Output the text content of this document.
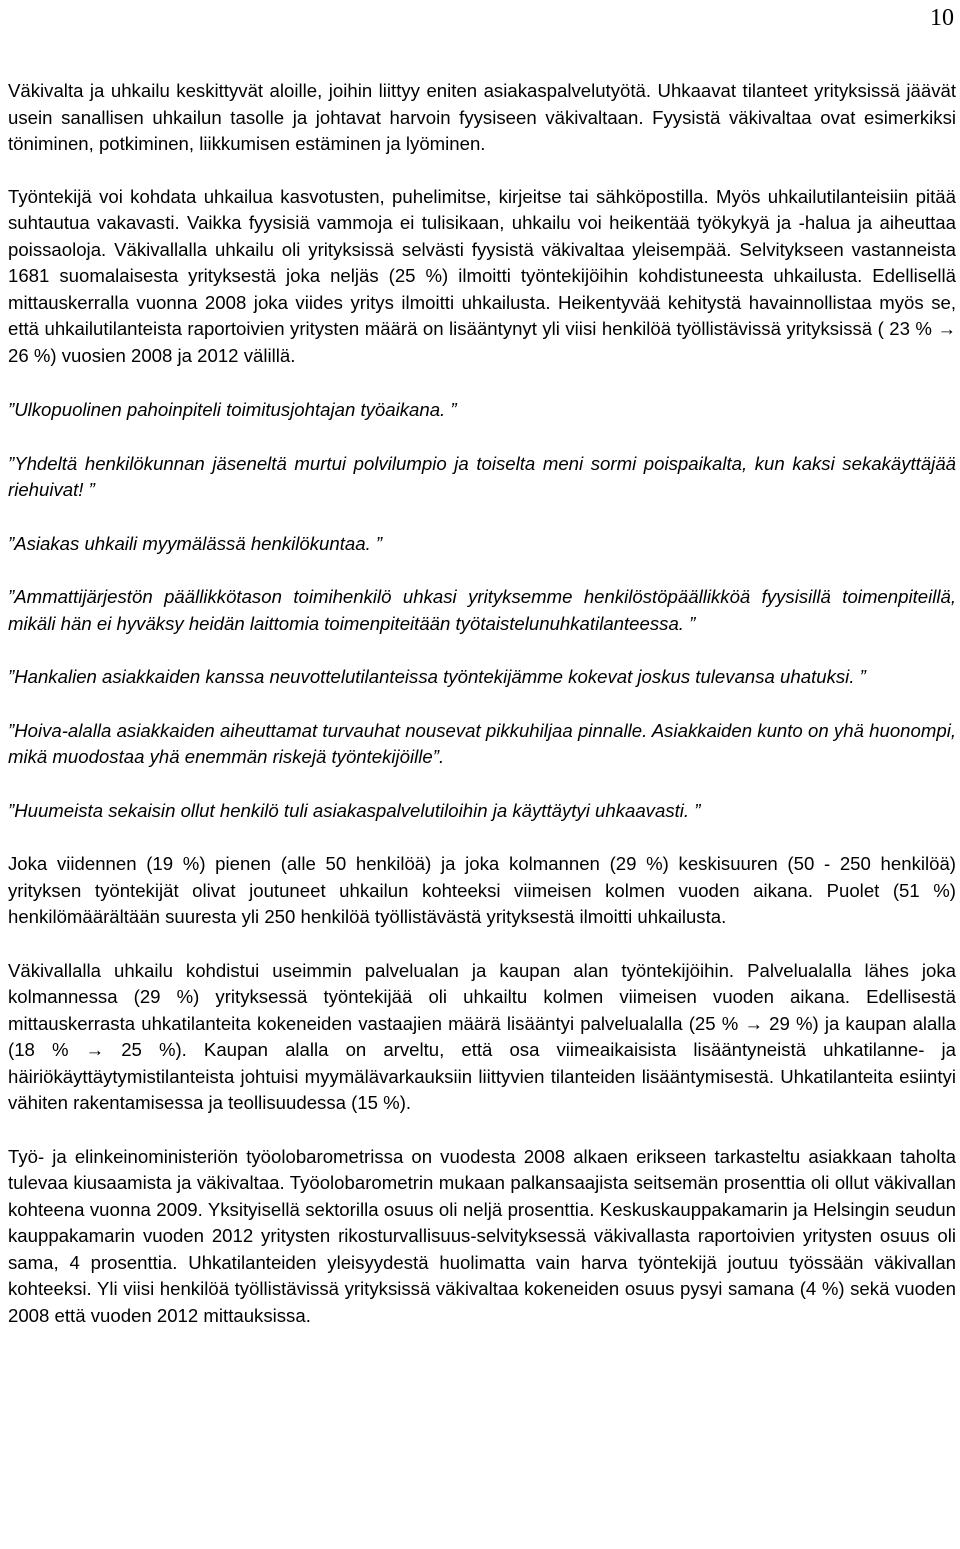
10

Väkivalta ja uhkailu keskittyvät aloille, joihin liittyy eniten asiakaspalvelutyötä. Uhkaavat tilanteet yrityksissä jäävät usein sanallisen uhkailun tasolle ja johtavat harvoin fyysiseen väkivaltaan. Fyysistä väkivaltaa ovat esimerkiksi töniminen, potkiminen, liikkumisen estäminen ja lyöminen.

Työntekijä voi kohdata uhkailua kasvotusten, puhelimitse, kirjeitse tai sähköpostilla. Myös uhkailutilanteisiin pitää suhtautua vakavasti. Vaikka fyysisiä vammoja ei tulisikaan, uhkailu voi heikentää työkykyä ja -halua ja aiheuttaa poissaoloja. Väkivallalla uhkailu oli yrityksissä selvästi fyysistä väkivaltaa yleisempää. Selvitykseen vastanneista 1681 suomalaisesta yrityksestä joka neljäs (25 %) ilmoitti työntekijöihin kohdistuneesta uhkailusta. Edellisellä mittauskerralla vuonna 2008 joka viides yritys ilmoitti uhkailusta. Heikentyvää kehitystä havainnollistaa myös se, että uhkailutilanteista raportoivien yritysten määrä on lisääntynyt yli viisi henkilöä työllistävissä yrityksissä ( 23 % → 26 %) vuosien 2008 ja 2012 välillä.

”Ulkopuolinen pahoinpiteli toimitusjohtajan työaikana. ”

”Yhdeltä henkilökunnan jäseneltä murtui polvilumpio ja toiselta meni sormi poispaikalta, kun kaksi sekakäyttäjää riehuivat! ”

”Asiakas uhkaili myymälässä henkilökuntaa. ”

”Ammattijärjestön päällikkötason toimihenkilö uhkasi yrityksemme henkilöstöpäällikköä fyysisillä toimenpiteillä, mikäli hän ei hyväksy heidän laittomia toimenpiteitään työtaistelunuhkatilanteessa. ”

”Hankalien asiakkaiden kanssa neuvottelutilanteissa työntekijämme kokevat joskus tulevansa uhatuksi. ”

”Hoiva-alalla asiakkaiden aiheuttamat turvauhat nousevat pikkuhiljaa pinnalle. Asiakkaiden kunto on yhä huonompi, mikä muodostaa yhä enemmän riskejä työntekijöille”.

”Huumeista sekaisin ollut henkilö tuli asiakaspalvelutiloihin ja käyttäytyi uhkaavasti. ”

Joka viidennen (19 %) pienen (alle 50 henkilöä) ja joka kolmannen (29 %) keskisuuren (50 - 250 henkilöä) yrityksen työntekijät olivat joutuneet uhkailun kohteeksi viimeisen kolmen vuoden aikana. Puolet (51 %) henkilömäärältään suuresta yli 250 henkilöä työllistävästä yrityksestä ilmoitti uhkailusta.

Väkivallalla uhkailu kohdistui useimmin palvelualan ja kaupan alan työntekijöihin. Palvelualalla lähes joka kolmannessa (29 %) yrityksessä työntekijää oli uhkailtu kolmen viimeisen vuoden aikana. Edellisestä mittauskerrasta uhkatilanteita kokeneiden vastaajien määrä lisääntyi palvelualalla (25 % → 29 %) ja kaupan alalla (18 % → 25 %). Kaupan alalla on arveltu, että osa viimeaikaisista lisääntyneistä uhkatilanne- ja häiriökäyttäytymistilanteista johtuisi myymälävarkauksiin liittyvien tilanteiden lisääntymisestä. Uhkatilanteita esiintyi vähiten rakentamisessa ja teollisuudessa (15 %).

Työ- ja elinkeinoministeriön työolobarometrissa on vuodesta 2008 alkaen erikseen tarkasteltu asiakkaan taholta tulevaa kiusaamista ja väkivaltaa. Työolobarometrin mukaan palkansaajista seitsemän prosenttia oli ollut väkivallan kohteena vuonna 2009. Yksityisellä sektorilla osuus oli neljä prosenttia. Keskuskauppakamarin ja Helsingin seudun kauppakamarin vuoden 2012 yritysten rikosturvallisuus-selvityksessä väkivallasta raportoivien yritysten osuus oli sama, 4 prosenttia. Uhkatilanteiden yleisyydestä huolimatta vain harva työntekijä joutuu työssään väkivallan kohteeksi. Yli viisi henkilöä työllistävissä yrityksissä väkivaltaa kokeneiden osuus pysyi samana (4 %) sekä vuoden 2008 että vuoden 2012 mittauksissa.
